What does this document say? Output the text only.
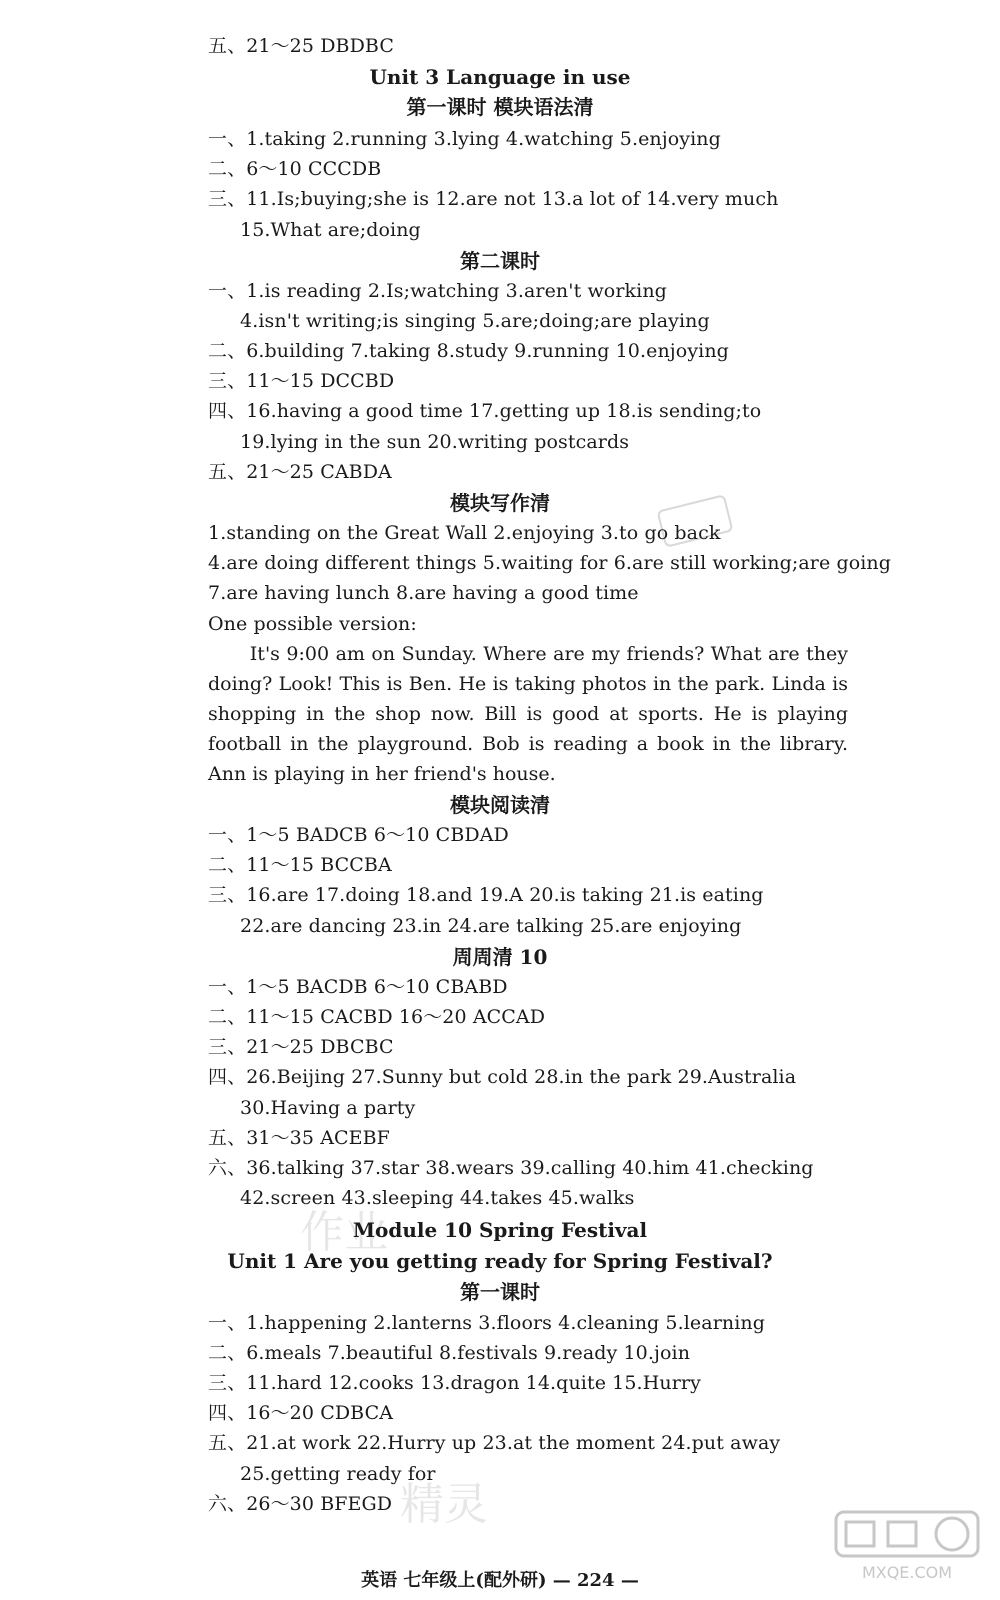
五、21～25 DBDBC
Unit 3 Language in use
第一课时 模块语法清
一、1.taking 2.running 3.lying 4.watching 5.enjoying
二、6～10 CCCDB
三、11.Is;buying;she is 12.are not 13.a lot of 14.very much
15.What are;doing
第二课时
一、1.is reading 2.Is;watching 3.aren't working
4.isn't writing;is singing 5.are;doing;are playing
二、6.building 7.taking 8.study 9.running 10.enjoying
三、11～15 DCCBD
四、16.having a good time 17.getting up 18.is sending;to
19.lying in the sun 20.writing postcards
五、21～25 CABDA
模块写作清
1.standing on the Great Wall 2.enjoying 3.to go back
4.are doing different things 5.waiting for 6.are still working;are going
7.are having lunch 8.are having a good time
One possible version:

It's 9:00 am on Sunday. Where are my friends? What are they doing? Look! This is Ben. He is taking photos in the park. Linda is shopping in the shop now. Bill is good at sports. He is playing football in the playground. Bob is reading a book in the library. Ann is playing in her friend's house.

模块阅读清
一、1～5 BADCB 6～10 CBDAD
二、11～15 BCCBA
三、16.are 17.doing 18.and 19.A 20.is taking 21.is eating
22.are dancing 23.in 24.are talking 25.are enjoying
周周清 10
一、1～5 BACDB 6～10 CBABD
二、11～15 CACBD 16～20 ACCAD
三、21～25 DBCBC
四、26.Beijing 27.Sunny but cold 28.in the park 29.Australia
30.Having a party
五、31～35 ACEBF
六、36.talking 37.star 38.wears 39.calling 40.him 41.checking
42.screen 43.sleeping 44.takes 45.walks
作业
Module 10 Spring Festival
Unit 1 Are you getting ready for Spring Festival?
第一课时
一、1.happening 2.lanterns 3.floors 4.cleaning 5.learning
二、6.meals 7.beautiful 8.festivals 9.ready 10.join
三、11.hard 12.cooks 13.dragon 14.quite 15.Hurry
四、16～20 CDBCA
五、21.at work 22.Hurry up 23.at the moment 24.put away
25.getting ready for
六、26～30 BFEGD 精灵
英语 七年级上(配外研) — 224 —	MXQE.COM
